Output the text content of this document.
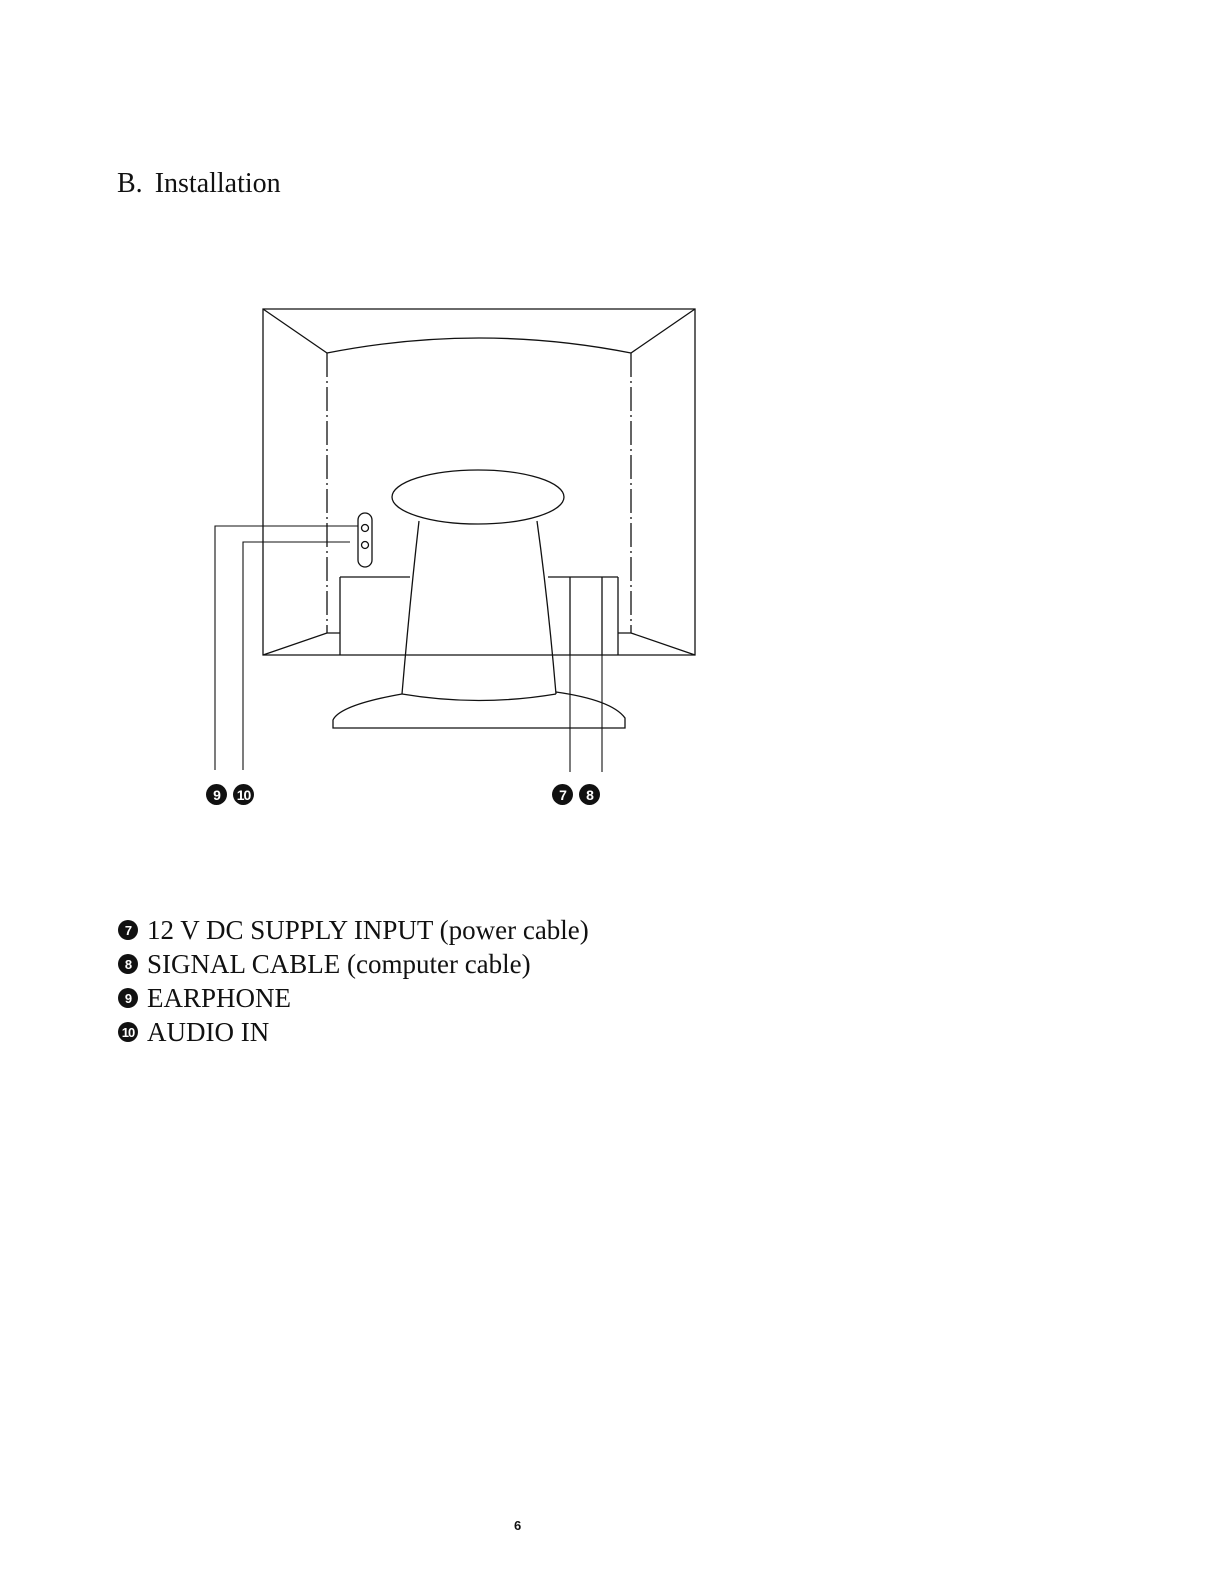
B. Installation
9	10	7	8
7 12 V DC SUPPLY INPUT (power cable)
8 SIGNAL CABLE (computer cable)
9 EARPHONE
10 AUDIO IN
6
